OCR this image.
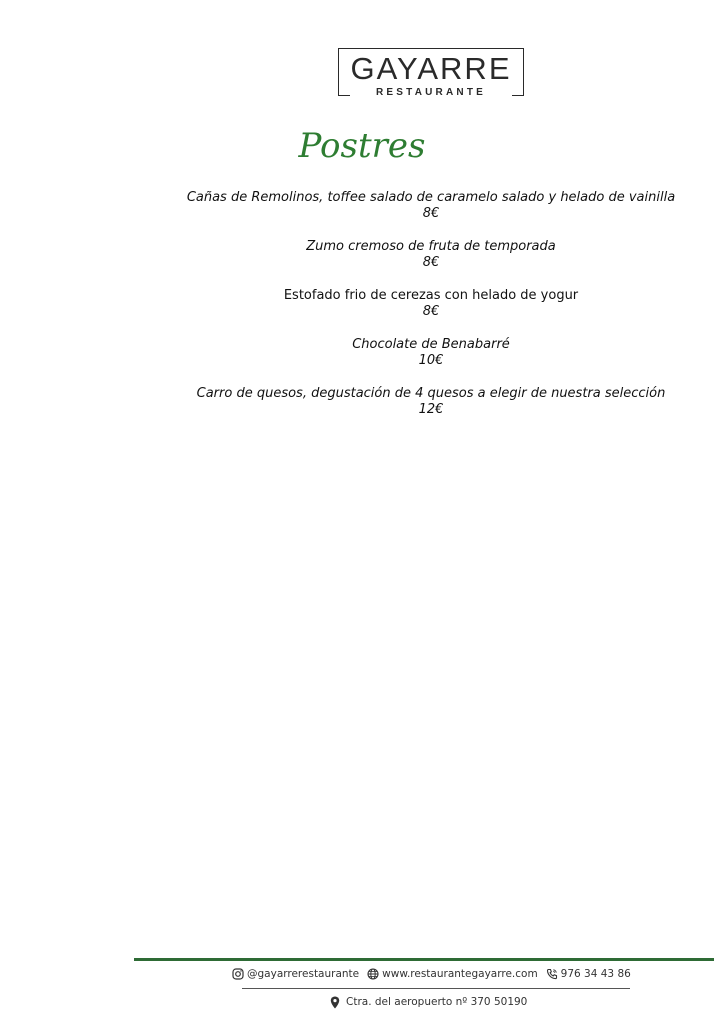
GAYARRE
RESTAURANTE
Postres
Cañas de Remolinos, toffee salado de caramelo salado y helado de vainilla
8€
Zumo cremoso de fruta de temporada
8€
Estofado frio de cerezas con helado de yogur
8€
Chocolate de Benabarré
10€
Carro de quesos, degustación de 4 quesos a elegir de nuestra selección
12€
@gayarrerestaurante www.restaurantegayarre.com 976 34 43 86
Ctra. del aeropuerto nº 370 50190
